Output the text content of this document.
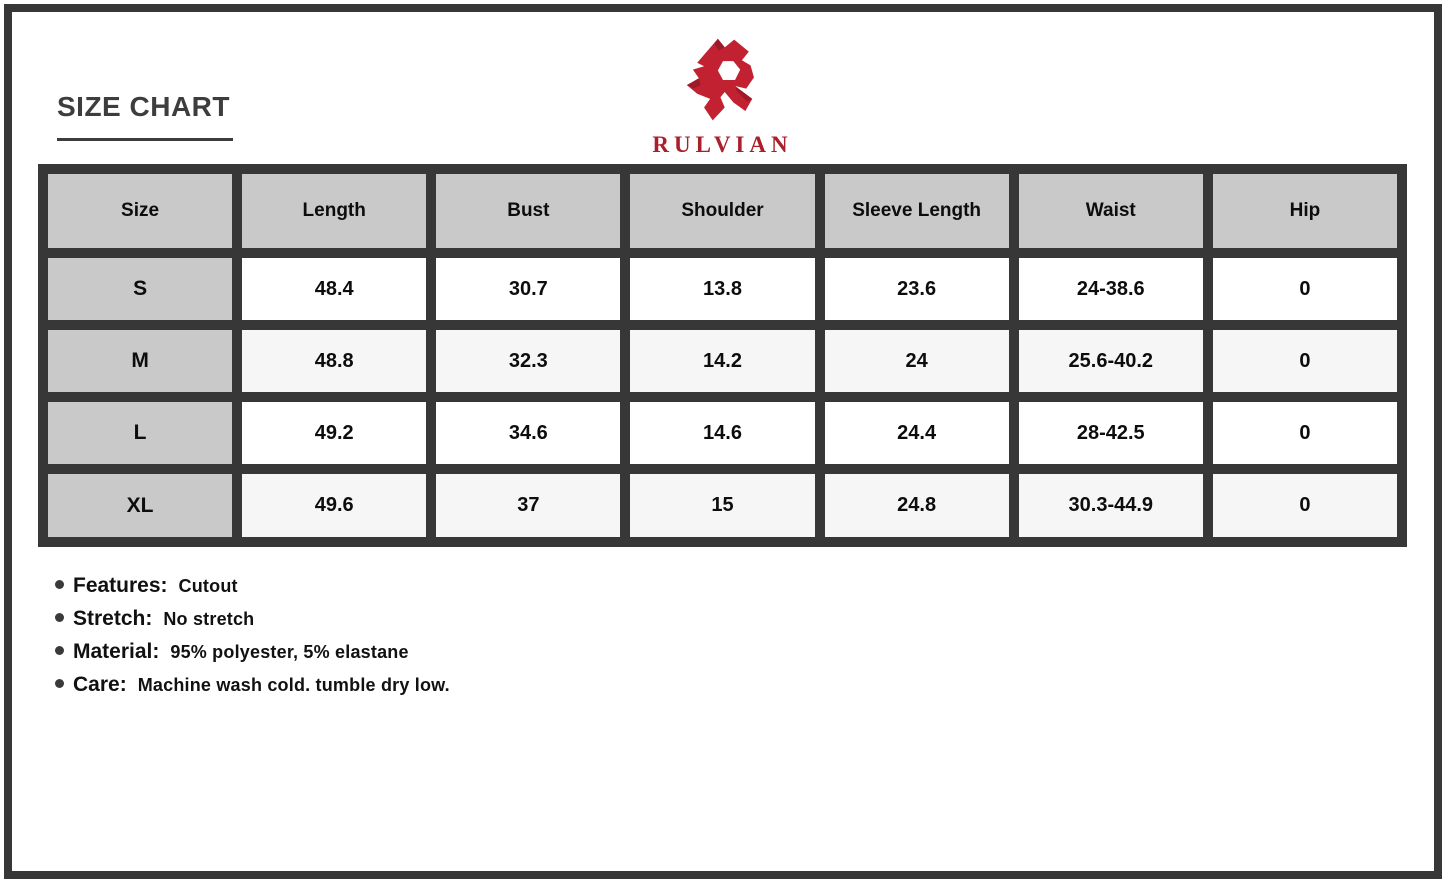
SIZE CHART
RULVIAN
Size	Length	Bust	Shoulder	Sleeve Length	Waist	Hip
S	48.4	30.7	13.8	23.6	24-38.6	0
M	48.8	32.3	14.2	24	25.6-40.2	0
L	49.2	34.6	14.6	24.4	28-42.5	0
XL	49.6	37	15	24.8	30.3-44.9	0
Features: Cutout
Stretch: No stretch
Material: 95% polyester, 5% elastane
Care: Machine wash cold. tumble dry low.
